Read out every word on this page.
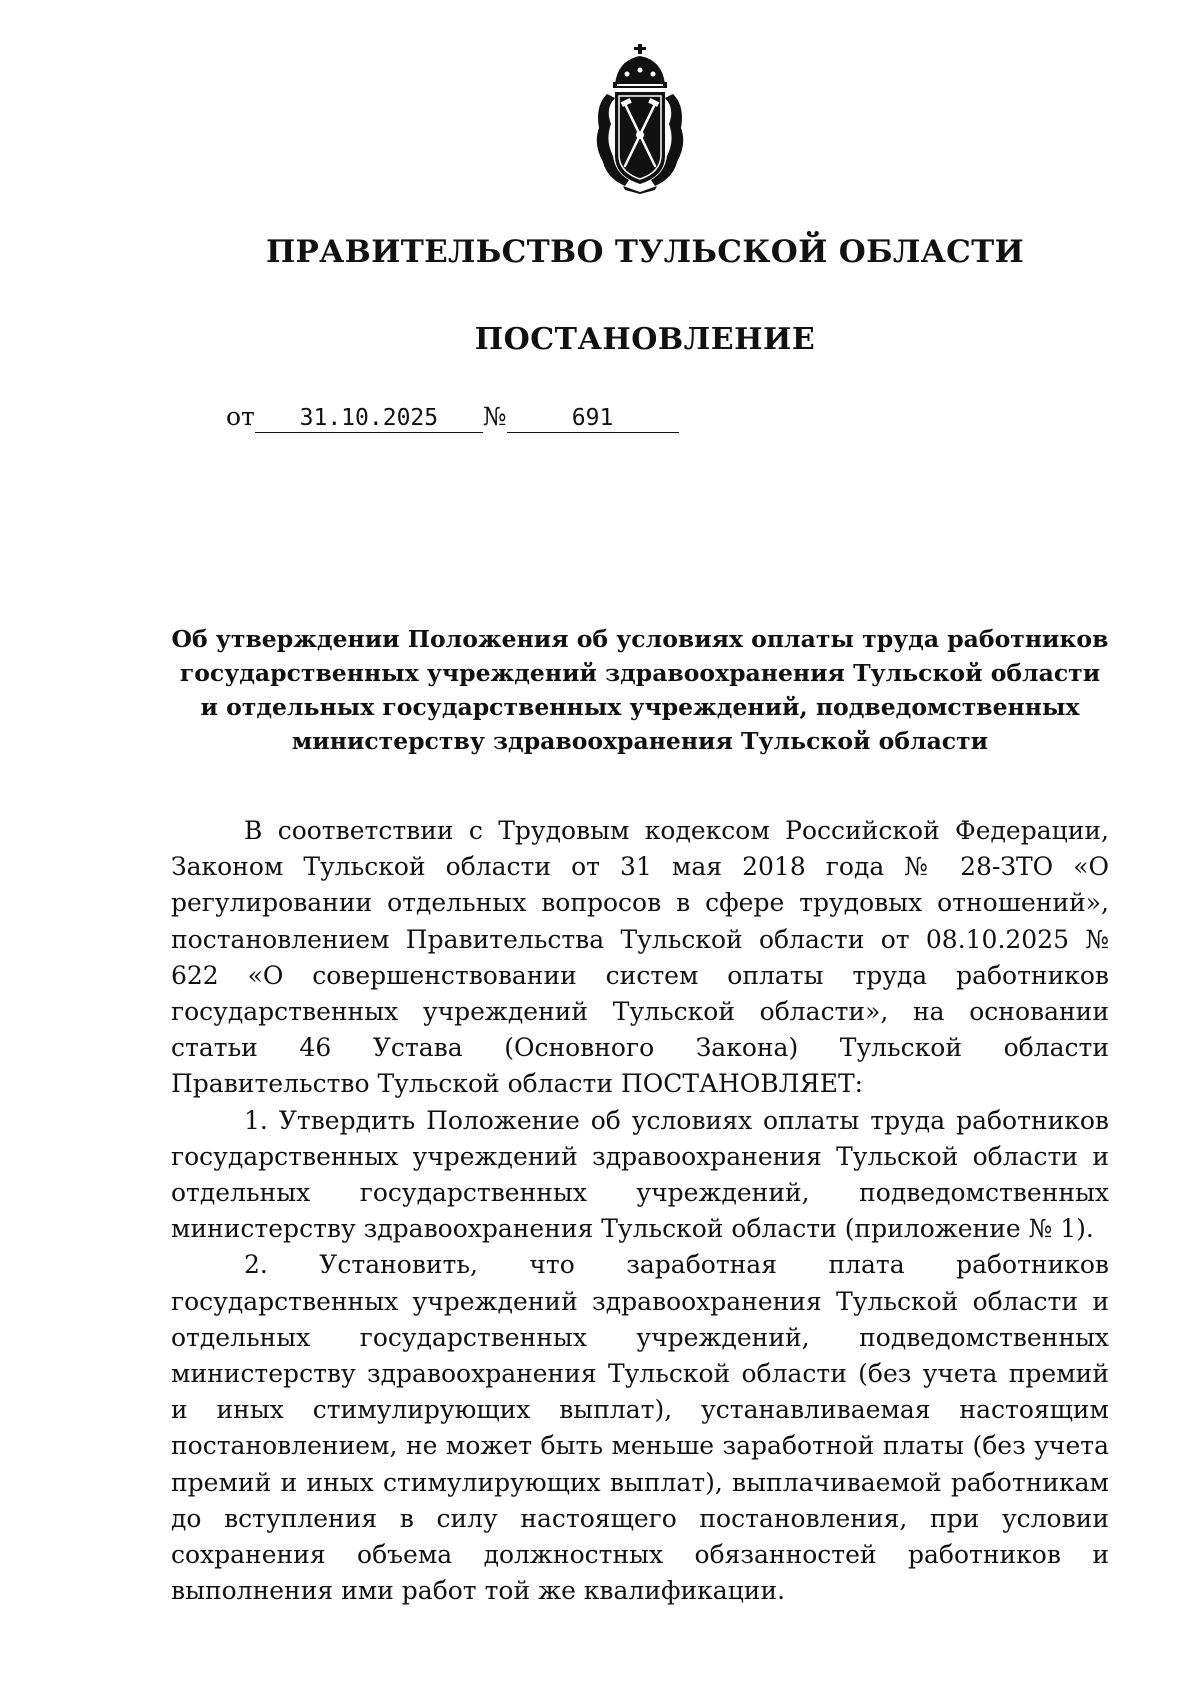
ПРАВИТЕЛЬСТВО ТУЛЬСКОЙ ОБЛАСТИ
ПОСТАНОВЛЕНИЕ
от 31.10.2025 №	691
Об утверждении Положения об условиях оплаты труда работников
государственных учреждений здравоохранения Тульской области
и отдельных государственных учреждений, подведомственных
министерству здравоохранения Тульской области

В соответствии с Трудовым кодексом Российской Федерации, Законом Тульской области от 31 мая 2018 года № 28-ЗТО «О регулировании отдельных вопросов в сфере трудовых отношений», постановлением Правительства Тульской области от 08.10.2025 № 622 «О совершенствовании систем оплаты труда работников государственных учреждений Тульской области», на основании статьи 46 Устава (Основного Закона) Тульской области Правительство Тульской области ПОСТАНОВЛЯЕТ:

1. Утвердить Положение об условиях оплаты труда работников государственных учреждений здравоохранения Тульской области и отдельных государственных учреждений, подведомственных министерству здравоохранения Тульской области (приложение № 1).

2. Установить, что заработная плата работников государственных учреждений здравоохранения Тульской области и отдельных государственных учреждений, подведомственных министерству здравоохранения Тульской области (без учета премий и иных стимулирующих выплат), устанавливаемая настоящим постановлением, не может быть меньше заработной платы (без учета премий и иных стимулирующих выплат), выплачиваемой работникам до вступления в силу настоящего постановления, при условии сохранения объема должностных обязанностей работников и выполнения ими работ той же квалификации.
